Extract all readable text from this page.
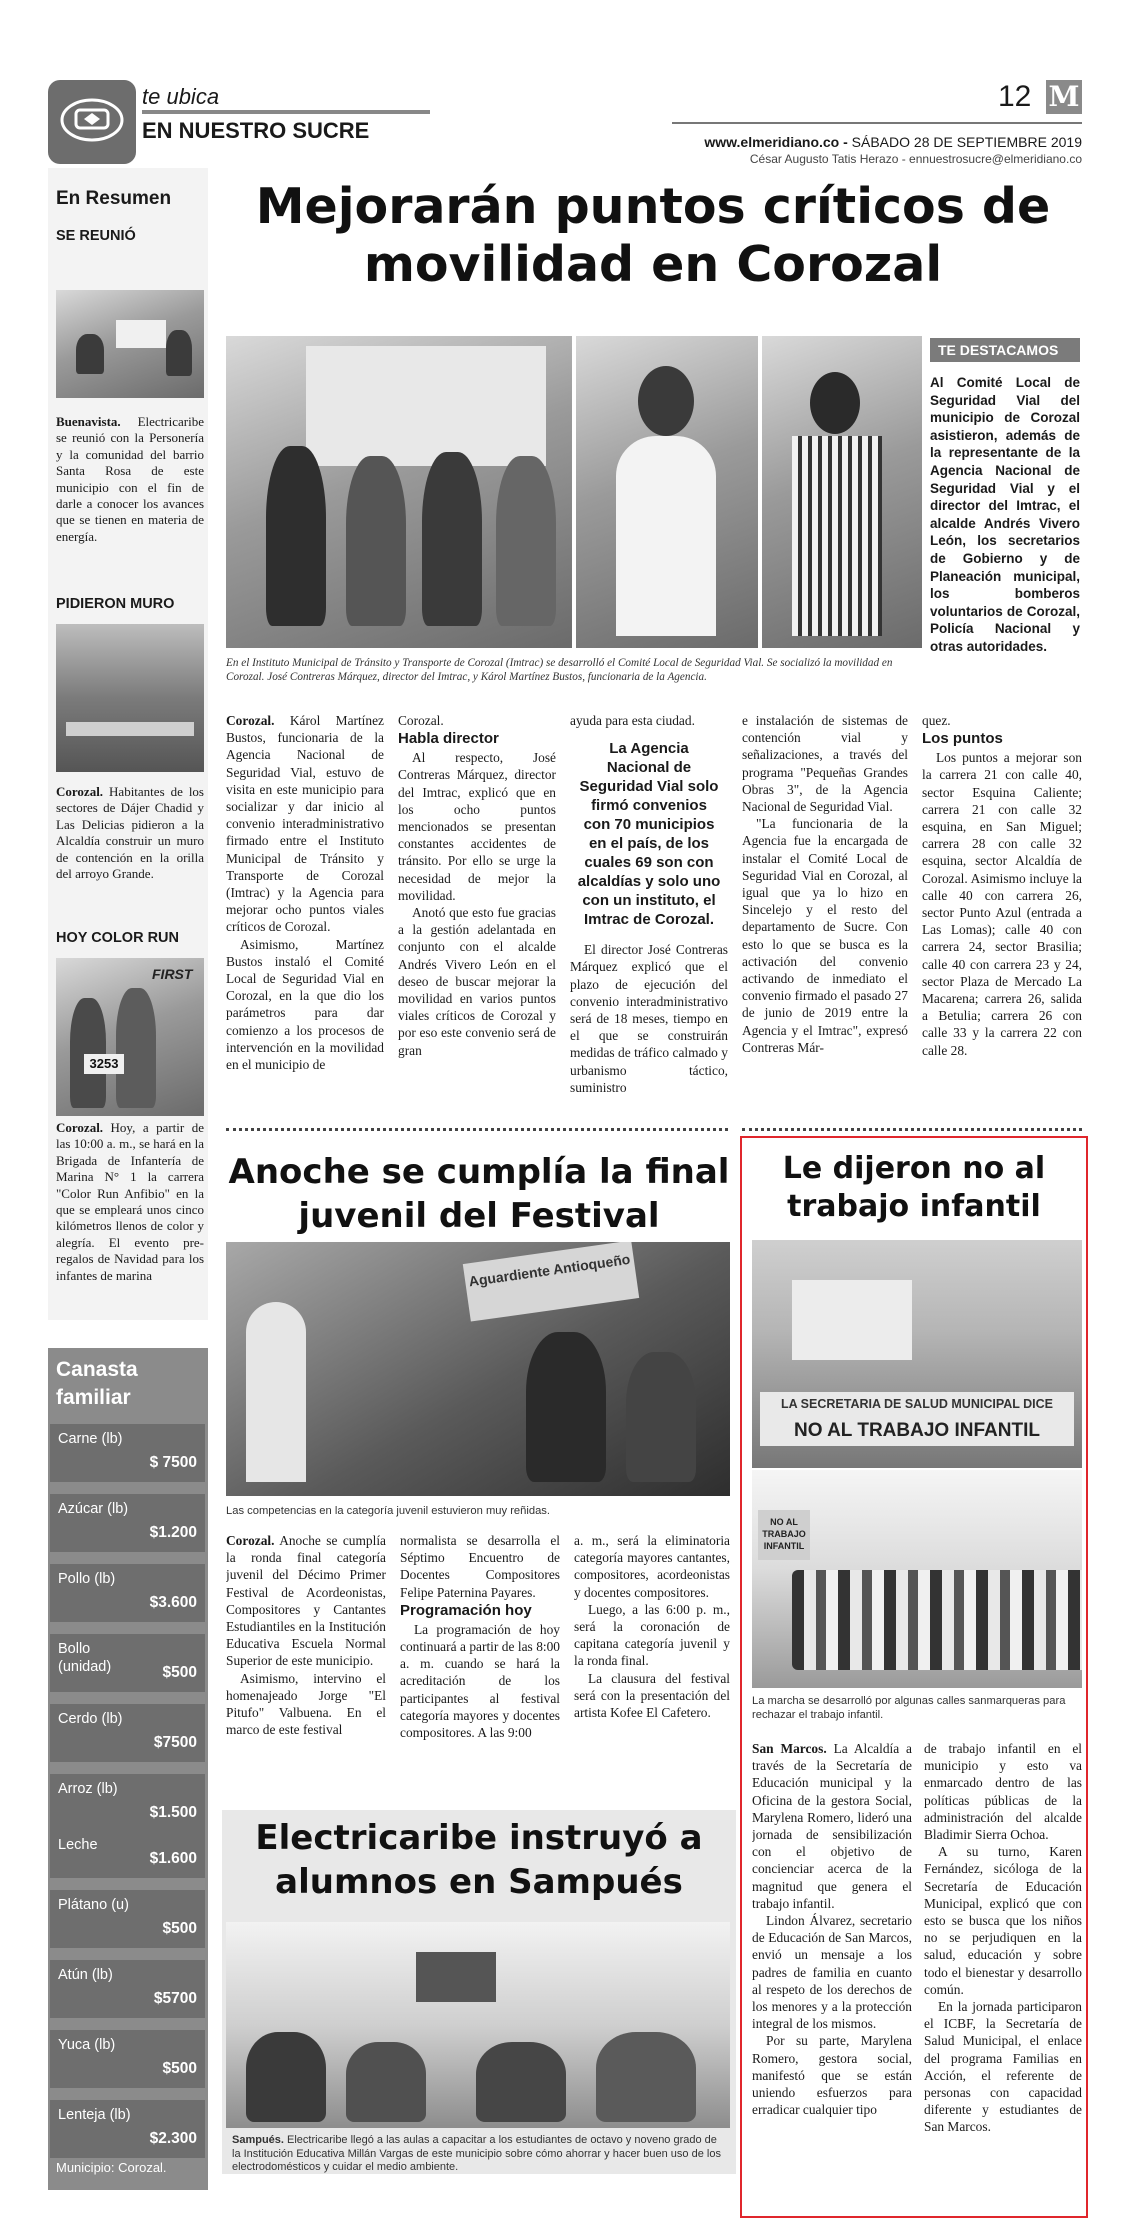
te ubica
EN NUESTRO SUCRE
12 M
www.elmeridiano.co - SÁBADO 28 DE SEPTIEMBRE 2019
César Augusto Tatis Herazo - ennuestrosucre@elmeridiano.co
En Resumen
SE REUNIÓ
Buenavista. Electricaribe se reunió con la Personería y la comunidad del barrio Santa Rosa de este municipio con el fin de darle a conocer los avances que se tienen en materia de energía.
PIDIERON MURO
Corozal. Habitantes de los sectores de Dájer Chadid y Las Delicias pidieron a la Alcaldía construir un muro de contención en la orilla del arroyo Grande.
HOY COLOR RUN
FIRST
3253
Corozal. Hoy, a partir de las 10:00 a. m., se hará en la Brigada de Infantería de Marina N° 1 la carrera "Color Run Anfibio" en la que se empleará unos cinco kilómetros llenos de color y alegría. El evento pre-regalos de Navidad para los infantes de marina
Canasta familiar
Carne (lb)
$ 7500
Azúcar (lb)
$1.200
Pollo (lb)
$3.600
Bollo (unidad)	$500
Cerdo (lb)
$7500
Arroz (lb)
$1.500
Leche
$1.600
Plátano (u)
$500
Atún (lb)
$5700
Yuca (lb)
$500
Lenteja (lb)
$2.300
Municipio: Corozal.
Mejorarán puntos críticos de movilidad en Corozal
En el Instituto Municipal de Tránsito y Transporte de Corozal (Imtrac) se desarrolló el Comité Local de Seguridad Vial. Se socializó la movilidad en Corozal. José Contreras Márquez, director del Imtrac, y Károl Martínez Bustos, funcionaria de la Agencia.
TE DESTACAMOS
Al Comité Local de Seguridad Vial del municipio de Corozal asistieron, además de la representante de la Agencia Nacional de Seguridad Vial y el director del Imtrac, el alcalde Andrés Vivero León, los secretarios de Gobierno y de Planeación municipal, los bomberos voluntarios de Corozal, Policía Nacional y otras autoridades.

Corozal. Károl Martínez Bustos, funcionaria de la Agencia Nacional de Seguridad Vial, estuvo de visita en este municipio para socializar y dar inicio al convenio interadministrativo firmado entre el Instituto Municipal de Tránsito y Transporte de Corozal (Imtrac) y la Agencia para mejorar ocho puntos viales críticos de Corozal.

Asimismo, Martínez Bustos instaló el Comité Local de Seguridad Vial en Corozal, en la que dio los parámetros para dar comienzo a los procesos de intervención en la movilidad en el municipio de

Corozal.

Habla director

Al respecto, José Contreras Márquez, director del Imtrac, explicó que en los ocho puntos mencionados se presentan constantes accidentes de tránsito. Por ello se urge la necesidad de mejor la movilidad.

Anotó que esto fue gracias a la gestión adelantada en conjunto con el alcalde Andrés Vivero León en el deseo de buscar mejorar la movilidad en varios puntos viales críticos de Corozal y por eso este convenio será de gran

ayuda para esta ciudad.

La Agencia Nacional de Seguridad Vial solo firmó convenios con 70 municipios en el país, de los cuales 69 son con alcaldías y solo uno con un instituto, el Imtrac de Corozal.

El director José Contreras Márquez explicó que el plazo de ejecución del convenio interadministrativo será de 18 meses, tiempo en el que se construirán medidas de tráfico calmado y urbanismo táctico, suministro

e instalación de sistemas de contención vial y señalizaciones, a través del programa "Pequeñas Grandes Obras 3", de la Agencia Nacional de Seguridad Vial.

"La funcionaria de la Agencia fue la encargada de instalar el Comité Local de Seguridad Vial en Corozal, al igual que ya lo hizo en Sincelejo y el resto del departamento de Sucre. Con esto lo que se busca es la activación del convenio activando de inmediato el convenio firmado el pasado 27 de junio de 2019 entre la Agencia y el Imtrac", expresó Contreras Már-

quez.

Los puntos

Los puntos a mejorar son la carrera 21 con calle 40, sector Esquina Caliente; carrera 21 con calle 32 esquina, en San Miguel; carrera 28 con calle 32 esquina, sector Alcaldía de Corozal. Asimismo incluye la calle 40 con carrera 26, sector Punto Azul (entrada a Las Lomas); calle 40 con carrera 24, sector Brasilia; calle 40 con carrera 23 y 24, sector Plaza de Mercado La Macarena; carrera 26, salida a Betulia; carrera 26 con calle 33 y la carrera 22 con calle 28.

Anoche se cumplía la final juvenil del Festival
Aguardiente Antioqueño
Las competencias en la categoría juvenil estuvieron muy reñidas.

Corozal. Anoche se cumplía la ronda final categoría juvenil del Décimo Primer Festival de Acordeonistas, Compositores y Cantantes Estudiantiles en la Institución Educativa Escuela Normal Superior de este municipio.

Asimismo, intervino el homenajeado Jorge "El Pitufo" Valbuena. En el marco de este festival

normalista se desarrolla el Séptimo Encuentro de Docentes Compositores Felipe Paternina Payares.

Programación hoy

La programación de hoy continuará a partir de las 8:00 a. m. cuando se hará la acreditación de los participantes al festival categoría mayores y docentes compositores. A las 9:00

a. m., será la eliminatoria categoría mayores cantantes, compositores, acordeonistas y docentes compositores.

Luego, a las 6:00 p. m., será la coronación de capitana categoría juvenil y la ronda final.

La clausura del festival será con la presentación del artista Kofee El Cafetero.

Electricaribe instruyó a alumnos en Sampués
Sampués. Electricaribe llegó a las aulas a capacitar a los estudiantes de octavo y noveno grado de la Institución Educativa Millán Vargas de este municipio sobre cómo ahorrar y hacer buen uso de los electrodomésticos y cuidar el medio ambiente.
Le dijeron no al trabajo infantil
LA SECRETARIA DE SALUD MUNICIPAL DICE
NO AL TRABAJO INFANTIL
NO AL TRABAJO INFANTIL
La marcha se desarrolló por algunas calles sanmarqueras para rechazar el trabajo infantil.

San Marcos. La Alcaldía a través de la Secretaría de Educación municipal y la Oficina de la gestora Social, Marylena Romero, lideró una jornada de sensibilización con el objetivo de concienciar acerca de la magnitud que genera el trabajo infantil.

Lindon Álvarez, secretario de Educación de San Marcos, envió un mensaje a los padres de familia en cuanto al respeto de los derechos de los menores y a la protección integral de los mismos.

Por su parte, Marylena Romero, gestora social, manifestó que se están uniendo esfuerzos para erradicar cualquier tipo

de trabajo infantil en el municipio y esto va enmarcado dentro de las políticas públicas de la administración del alcalde Bladimir Sierra Ochoa.

A su turno, Karen Fernández, sicóloga de la Secretaría de Educación Municipal, explicó que con esto se busca que los niños no se perjudiquen en la salud, educación y sobre todo el bienestar y desarrollo común.

En la jornada participaron el ICBF, la Secretaría de Salud Municipal, el enlace del programa Familias en Acción, el referente de personas con capacidad diferente y estudiantes de San Marcos.
